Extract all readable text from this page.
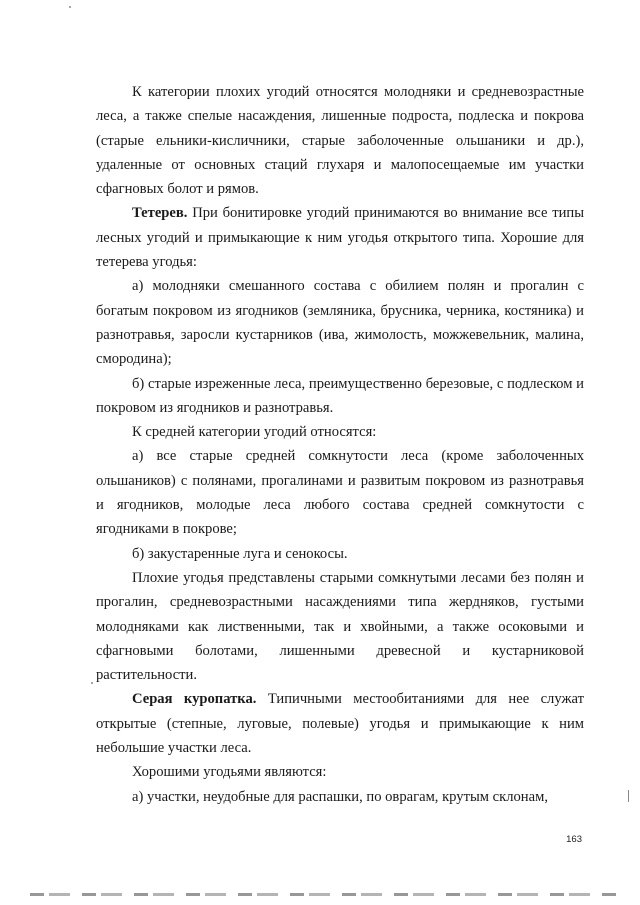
К категории плохих угодий относятся молодняки и средневозрастные леса, а также спелые насаждения, лишенные подроста, подлеска и покрова (старые ельники-кисличники, старые заболоченные ольшаники и др.), удаленные от основных стаций глухаря и малопосещаемые им участки сфагновых болот и рямов.

Тетерев. При бонитировке угодий принимаются во внимание все типы лесных угодий и примыкающие к ним угодья открытого типа. Хорошие для тетерева угодья:

а) молодняки смешанного состава с обилием полян и прогалин с богатым покровом из ягодников (земляника, брусника, черника, костяника) и разнотравья, заросли кустарников (ива, жимолость, можжевельник, малина, смородина);

б) старые изреженные леса, преимущественно березовые, с подлеском и покровом из ягодников и разнотравья.

К средней категории угодий относятся:

а) все старые средней сомкнутости леса (кроме заболоченных ольшаников) с полянами, прогалинами и развитым покровом из разнотравья и ягодников, молодые леса любого состава средней сомкнутости с ягодниками в покрове;

б) закустаренные луга и сенокосы.

Плохие угодья представлены старыми сомкнутыми лесами без полян и прогалин, средневозрастными насаждениями типа жердняков, густыми молодняками как лиственными, так и хвойными, а также осоковыми и сфагновыми болотами, лишенными древесной и кустарниковой растительности.

Серая куропатка. Типичными местообитаниями для нее служат открытые (степные, луговые, полевые) угодья и примыкающие к ним небольшие участки леса.

Хорошими угодьями являются:

а) участки, неудобные для распашки, по оврагам, крутым склонам,

163
